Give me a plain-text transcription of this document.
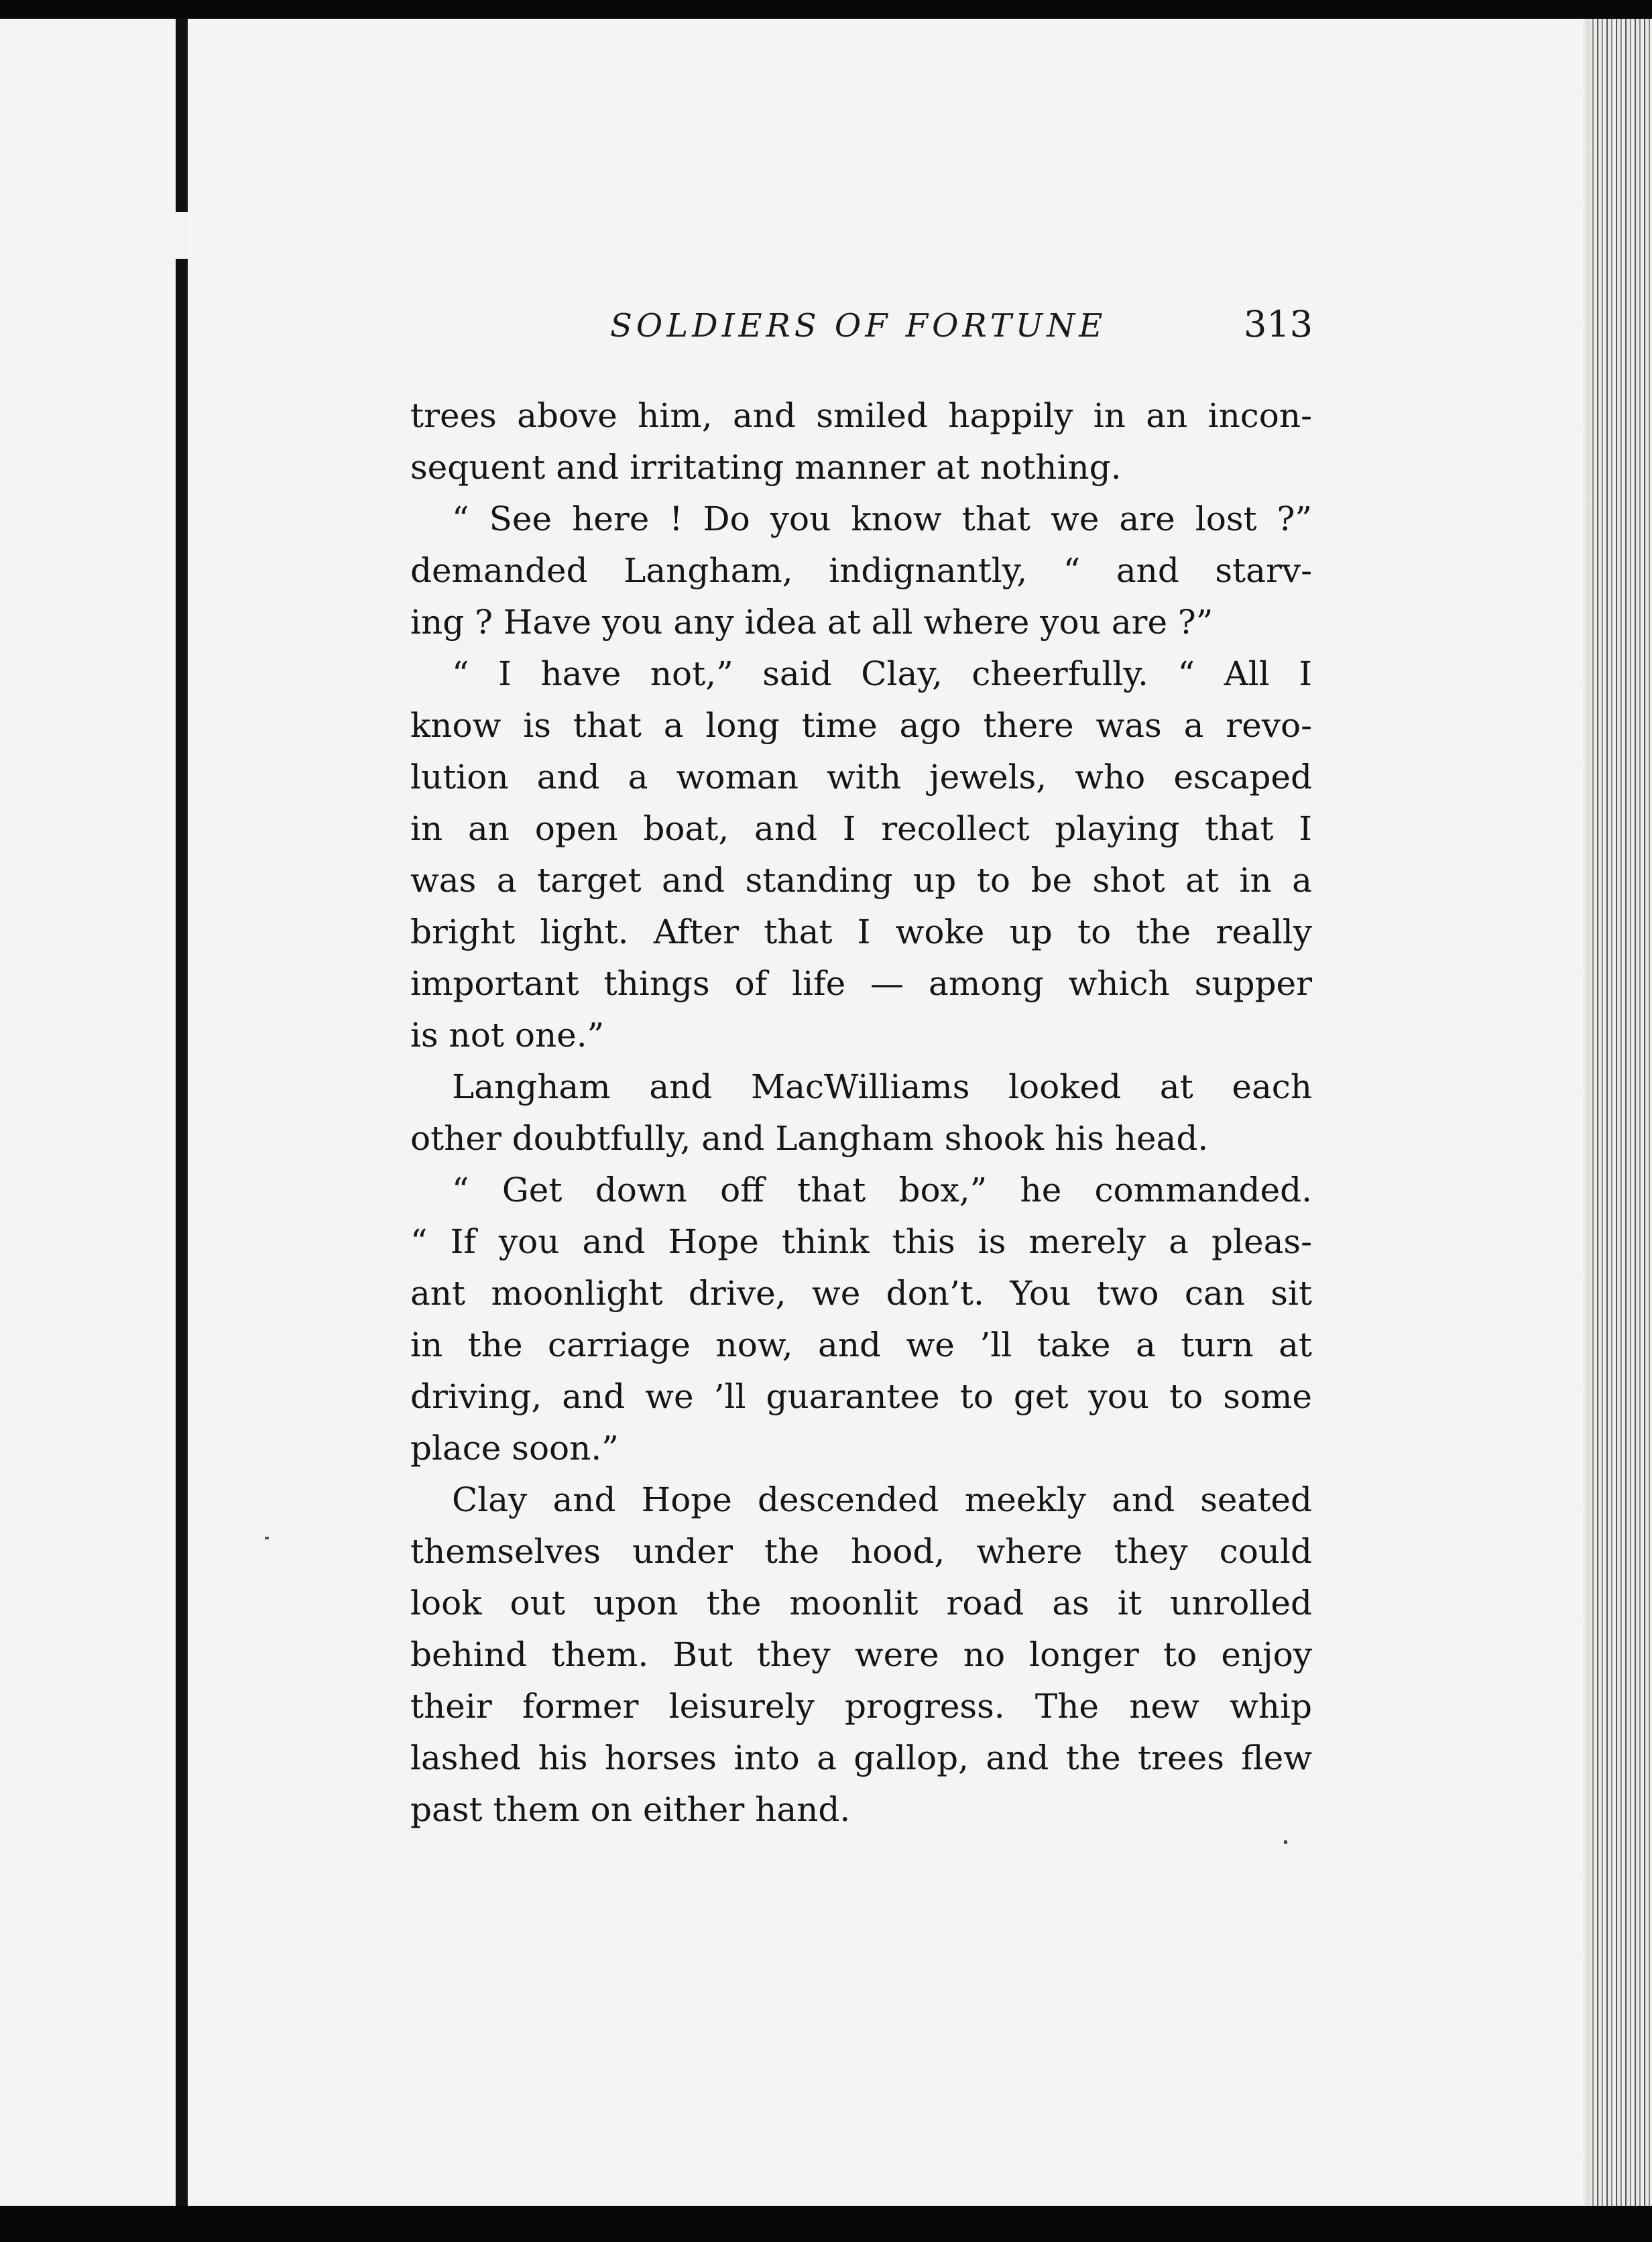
SOLDIERS OF FORTUNE	313
trees above him, and smiled happily in an incon-
sequent and irritating manner at nothing.
“ See here ! Do you know that we are lost ?”
demanded Langham, indignantly, “ and starv-
ing ? Have you any idea at all where you are ?”
“ I have not,” said Clay, cheerfully. “ All I
know is that a long time ago there was a revo-
lution and a woman with jewels, who escaped
in an open boat, and I recollect playing that I
was a target and standing up to be shot at in a
bright light. After that I woke up to the really
important things of life — among which supper
is not one.”
Langham and MacWilliams looked at each
other doubtfully, and Langham shook his head.
“ Get down off that box,” he commanded.
“ If you and Hope think this is merely a pleas-
ant moonlight drive, we don’t. You two can sit
in the carriage now, and we ’ll take a turn at
driving, and we ’ll guarantee to get you to some
place soon.”
Clay and Hope descended meekly and seated
themselves under the hood, where they could
look out upon the moonlit road as it unrolled
behind them. But they were no longer to enjoy
their former leisurely progress. The new whip
lashed his horses into a gallop, and the trees flew
past them on either hand.
